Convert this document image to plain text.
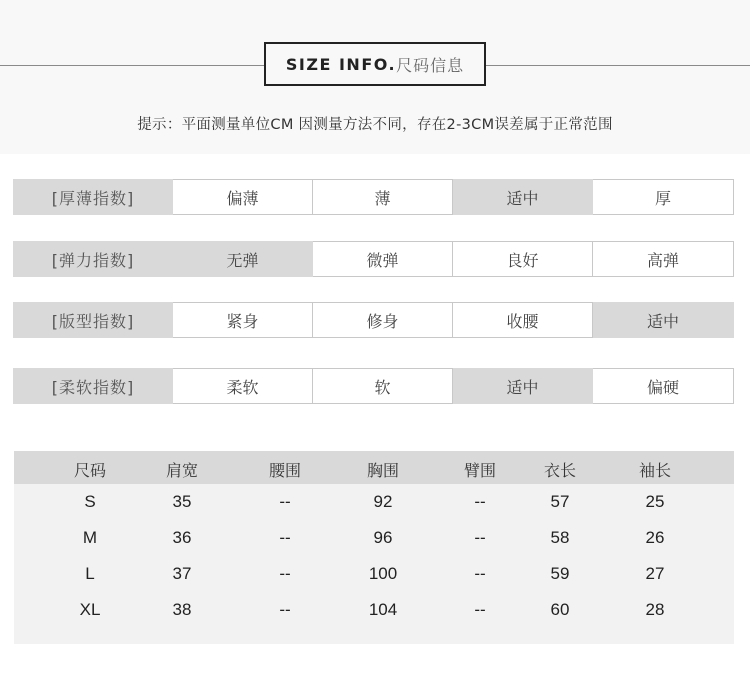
SIZE INFO. 尺码信息
提示：平面测量单位CM 因测量方法不同，存在2-3CM误差属于正常范围
[厚薄指数]	偏薄	薄	适中	厚
[弹力指数]	无弹	微弹	良好	高弹
[版型指数]	紧身	修身	收腰	适中
[柔软指数]	柔软	软	适中	偏硬
尺码	肩宽	腰围	胸围	臂围	衣长	袖长
S	35	--	92	--	57	25
M	36	--	96	--	58	26
L	37	--	100	--	59	27
XL	38	--	104	--	60	28
